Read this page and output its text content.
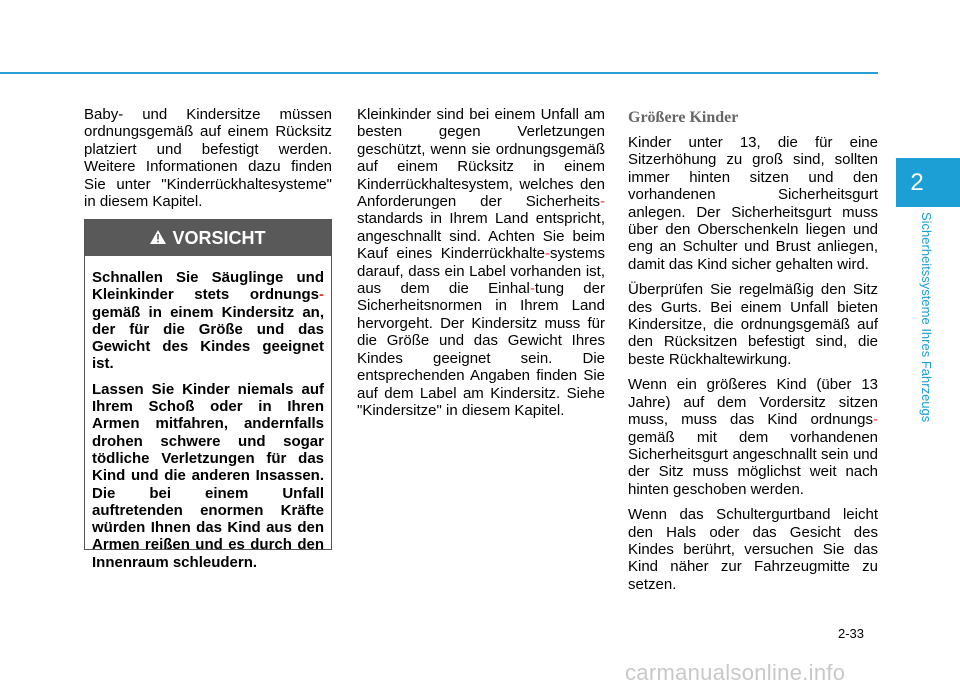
Baby- und Kindersitze müssen ordnungsgemäß auf einem Rücksitz platziert und befestigt werden. Weitere Informationen dazu finden Sie unter "Kinderrückhaltesysteme" in diesem Kapitel.

VORSICHT

Schnallen Sie Säuglinge und Kleinkinder stets ordnungs-gemäß in einem Kindersitz an, der für die Größe und das Gewicht des Kindes geeignet ist.

Lassen Sie Kinder niemals auf Ihrem Schoß oder in Ihren Armen mitfahren, andernfalls drohen schwere und sogar tödliche Verletzungen für das Kind und die anderen Insassen. Die bei einem Unfall auftretenden enormen Kräfte würden Ihnen das Kind aus den Armen reißen und es durch den Innenraum schleudern.

Kleinkinder sind bei einem Unfall am besten gegen Verletzungen geschützt, wenn sie ordnungsgemäß auf einem Rücksitz in einem Kinderrückhaltesystem, welches den Anforderungen der Sicherheits-standards in Ihrem Land entspricht, angeschnallt sind. Achten Sie beim Kauf eines Kinderrückhalte-systems darauf, dass ein Label vorhanden ist, aus dem die Einhal-tung der Sicherheitsnormen in Ihrem Land hervorgeht. Der Kindersitz muss für die Größe und das Gewicht Ihres Kindes geeignet sein. Die entsprechenden Angaben finden Sie auf dem Label am Kindersitz. Siehe "Kindersitze" in diesem Kapitel.

Größere Kinder

Kinder unter 13, die für eine Sitzerhöhung zu groß sind, sollten immer hinten sitzen und den vorhandenen Sicherheitsgurt anlegen. Der Sicherheitsgurt muss über den Oberschenkeln liegen und eng an Schulter und Brust anliegen, damit das Kind sicher gehalten wird.

Überprüfen Sie regelmäßig den Sitz des Gurts. Bei einem Unfall bieten Kindersitze, die ordnungsgemäß auf den Rücksitzen befestigt sind, die beste Rückhaltewirkung.

Wenn ein größeres Kind (über 13 Jahre) auf dem Vordersitz sitzen muss, muss das Kind ordnungs-gemäß mit dem vorhandenen Sicherheitsgurt angeschnallt sein und der Sitz muss möglichst weit nach hinten geschoben werden.

Wenn das Schultergurtband leicht den Hals oder das Gesicht des Kindes berührt, versuchen Sie das Kind näher zur Fahrzeugmitte zu setzen.

2
Sicherheitssysteme Ihres Fahrzeugs
2-33
carmanualsonline.info
